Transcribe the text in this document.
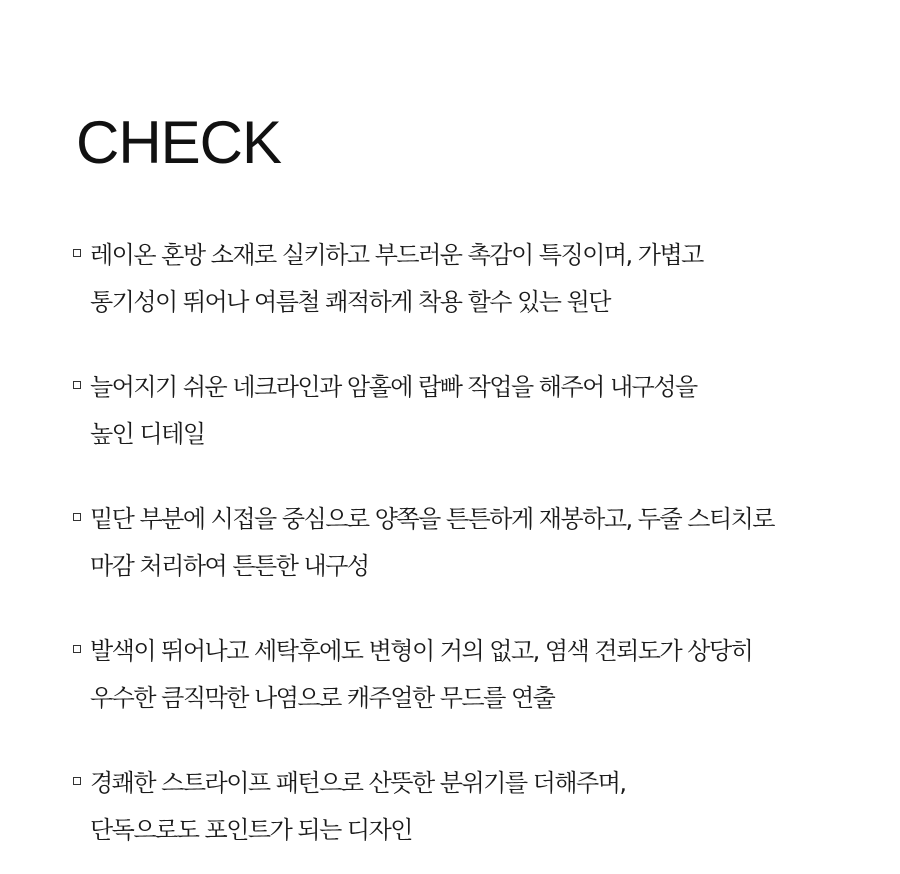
CHECK
레이온 혼방 소재로 실키하고 부드러운 촉감이 특징이며, 가볍고
통기성이 뛰어나 여름철 쾌적하게 착용 할수 있는 원단
늘어지기 쉬운 네크라인과 암홀에 랍빠 작업을 해주어 내구성을
높인 디테일
밑단 부분에 시접을 중심으로 양쪽을 튼튼하게 재봉하고, 두줄 스티치로
마감 처리하여 튼튼한 내구성
발색이 뛰어나고 세탁후에도 변형이 거의 없고, 염색 견뢰도가 상당히
우수한 큼직막한 나염으로 캐주얼한 무드를 연출
경쾌한 스트라이프 패턴으로 산뜻한 분위기를 더해주며,
단독으로도 포인트가 되는 디자인
